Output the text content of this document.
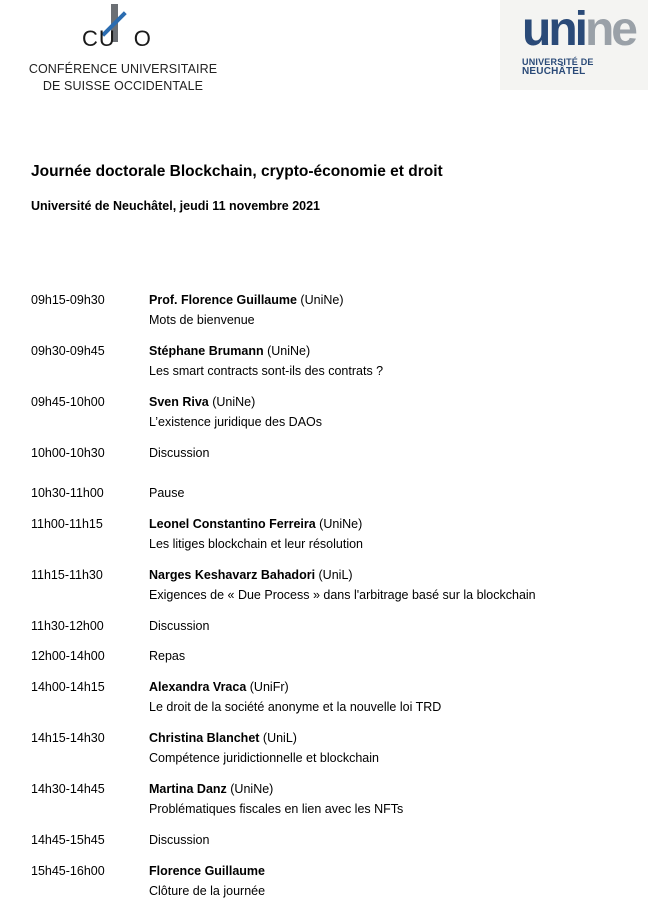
CU O
CONFÉRENCE UNIVERSITAIRE
DE SUISSE OCCIDENTALE
unine
UNIVERSITÉ DE
NEUCHÂTEL
Journée doctorale Blockchain, crypto-économie et droit
Université de Neuchâtel, jeudi 11 novembre 2021
09h15-09h30	Prof. Florence Guillaume (UniNe)
Mots de bienvenue
09h30-09h45	Stéphane Brumann (UniNe)
Les smart contracts sont-ils des contrats ?
09h45-10h00	Sven Riva (UniNe)
L’existence juridique des DAOs
10h00-10h30	Discussion
10h30-11h00	Pause
11h00-11h15	Leonel Constantino Ferreira (UniNe)
Les litiges blockchain et leur résolution
11h15-11h30	Narges Keshavarz Bahadori (UniL)
Exigences de « Due Process » dans l'arbitrage basé sur la blockchain
11h30-12h00	Discussion
12h00-14h00	Repas
14h00-14h15	Alexandra Vraca (UniFr)
Le droit de la société anonyme et la nouvelle loi TRD
14h15-14h30	Christina Blanchet (UniL)
Compétence juridictionnelle et blockchain
14h30-14h45	Martina Danz (UniNe)
Problématiques fiscales en lien avec les NFTs
14h45-15h45	Discussion
15h45-16h00	Florence Guillaume
Clôture de la journée
